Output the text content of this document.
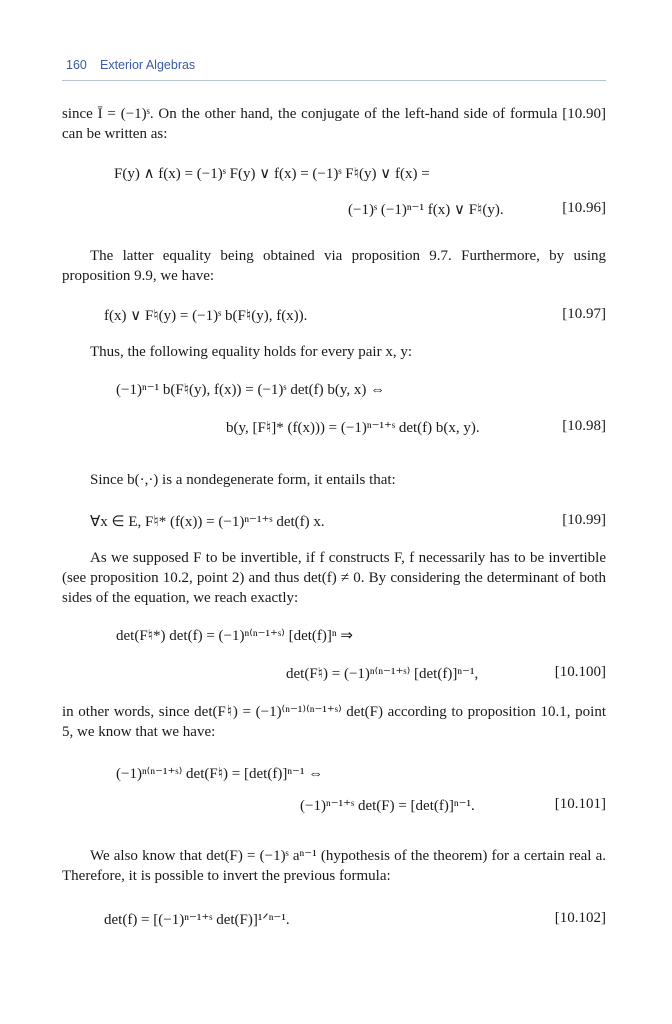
160 Exterior Algebras

since Ī = (−1)ˢ. On the other hand, the conjugate of the left-hand side of formula [10.90] can be written as:

F(y) ∧ f(x) = (−1)ˢ F(y) ∨ f(x) = (−1)ˢ F♮(y) ∨ f(x) =
(−1)ˢ (−1)ⁿ⁻¹ f(x) ∨ F♮(y).	[10.96]

The latter equality being obtained via proposition 9.7. Furthermore, by using proposition 9.9, we have:

f(x) ∨ F♮(y) = (−1)ˢ b(F♮(y), f(x)).	[10.97]

Thus, the following equality holds for every pair x, y:

(−1)ⁿ⁻¹ b(F♮(y), f(x)) = (−1)ˢ det(f) b(y, x) ⇔
b(y, [F♮]* (f(x))) = (−1)ⁿ⁻¹⁺ˢ det(f) b(x, y).	[10.98]

Since b(·,·) is a nondegenerate form, it entails that:

∀x ∈ E, F♮* (f(x)) = (−1)ⁿ⁻¹⁺ˢ det(f) x.	[10.99]

As we supposed F to be invertible, if f constructs F, f necessarily has to be invertible (see proposition 10.2, point 2) and thus det(f) ≠ 0. By considering the determinant of both sides of the equation, we reach exactly:

det(F♮*) det(f) = (−1)ⁿ⁽ⁿ⁻¹⁺ˢ⁾ [det(f)]ⁿ ⇒
det(F♮) = (−1)ⁿ⁽ⁿ⁻¹⁺ˢ⁾ [det(f)]ⁿ⁻¹,	[10.100]

in other words, since det(F♮) = (−1)⁽ⁿ⁻¹⁾⁽ⁿ⁻¹⁺ˢ⁾ det(F) according to proposition 10.1, point 5, we know that we have:

(−1)ⁿ⁽ⁿ⁻¹⁺ˢ⁾ det(F♮) = [det(f)]ⁿ⁻¹ ⇔
(−1)ⁿ⁻¹⁺ˢ det(F) = [det(f)]ⁿ⁻¹.	[10.101]

We also know that det(F) = (−1)ˢ aⁿ⁻¹ (hypothesis of the theorem) for a certain real a. Therefore, it is possible to invert the previous formula:

det(f) = [(−1)ⁿ⁻¹⁺ˢ det(F)]¹ᐟⁿ⁻¹.	[10.102]
